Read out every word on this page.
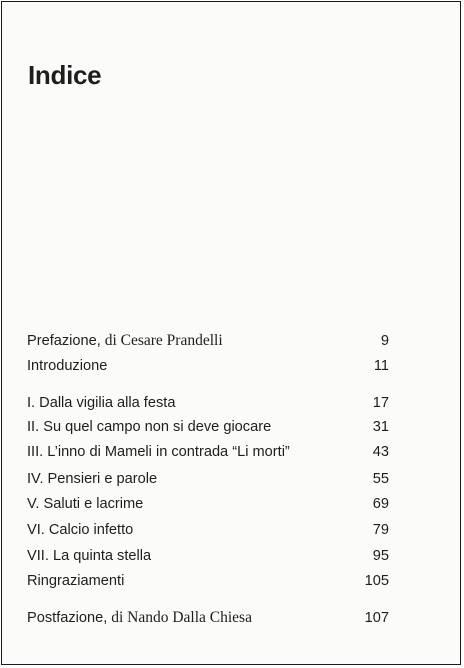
Indice
Prefazione, di Cesare Prandelli	9
Introduzione	11
I. Dalla vigilia alla festa	17
II. Su quel campo non si deve giocare	31
III. L’inno di Mameli in contrada “Li morti”	43
IV. Pensieri e parole	55
V. Saluti e lacrime	69
VI. Calcio infetto	79
VII. La quinta stella	95
Ringraziamenti	105
Postfazione, di Nando Dalla Chiesa	107
